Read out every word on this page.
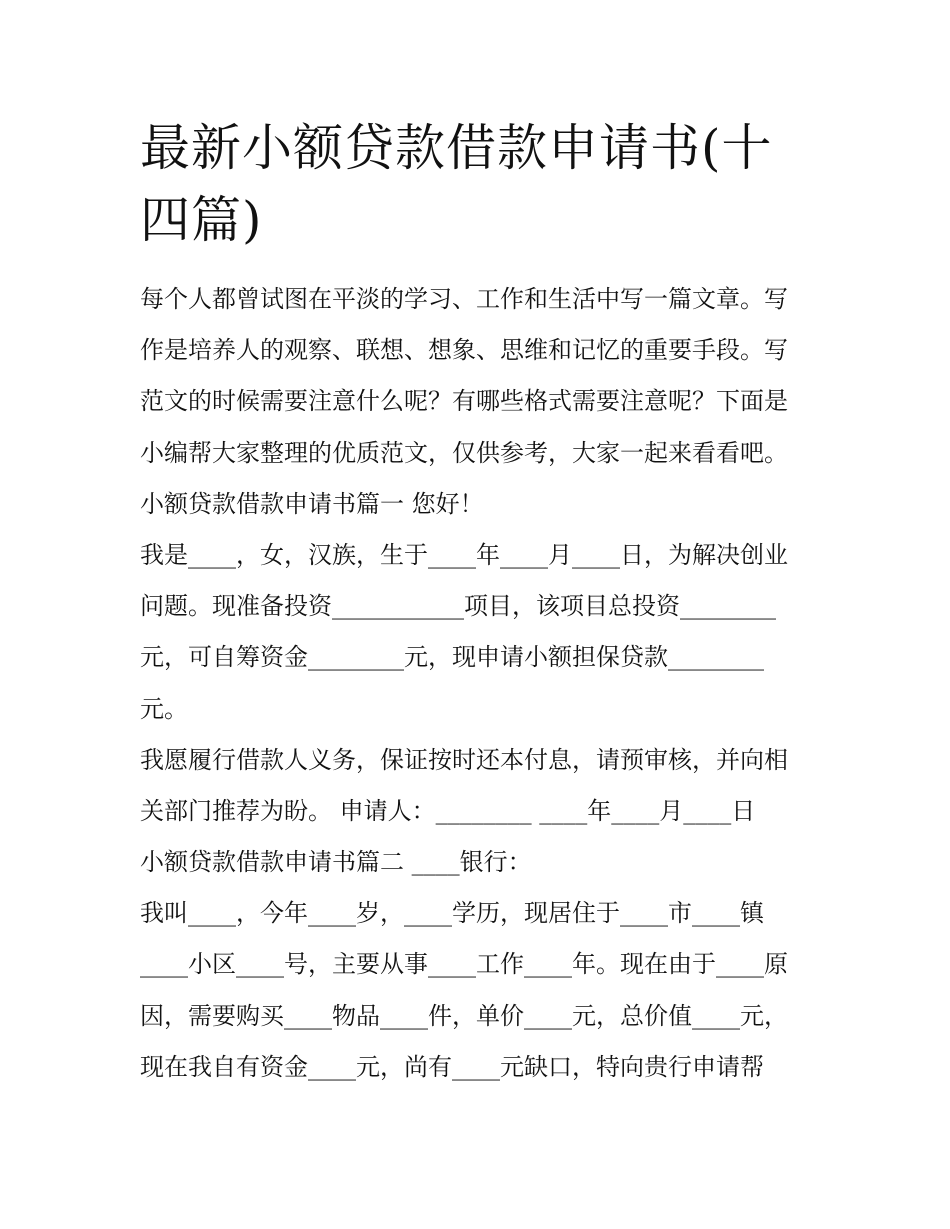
最新小额贷款借款申请书(十四篇)
每个人都曾试图在平淡的学习、工作和生活中写一篇文章。写
作是培养人的观察、联想、想象、思维和记忆的重要手段。写
范文的时候需要注意什么呢？有哪些格式需要注意呢？下面是
小编帮大家整理的优质范文，仅供参考，大家一起来看看吧。
小额贷款借款申请书篇一 您好！
我是____，女，汉族，生于____年____月____日，为解决创业
问题。现准备投资___________项目，该项目总投资________
元，可自筹资金________元，现申请小额担保贷款________
元。
我愿履行借款人义务，保证按时还本付息，请预审核，并向相
关部门推荐为盼。 申请人：________ ____年____月____日
小额贷款借款申请书篇二 ____银行：
我叫____，今年____岁，____学历，现居住于____市____镇
____小区____号，主要从事____工作____年。现在由于____原
因，需要购买____物品____件，单价____元，总价值____元，
现在我自有资金____元，尚有____元缺口，特向贵行申请帮
